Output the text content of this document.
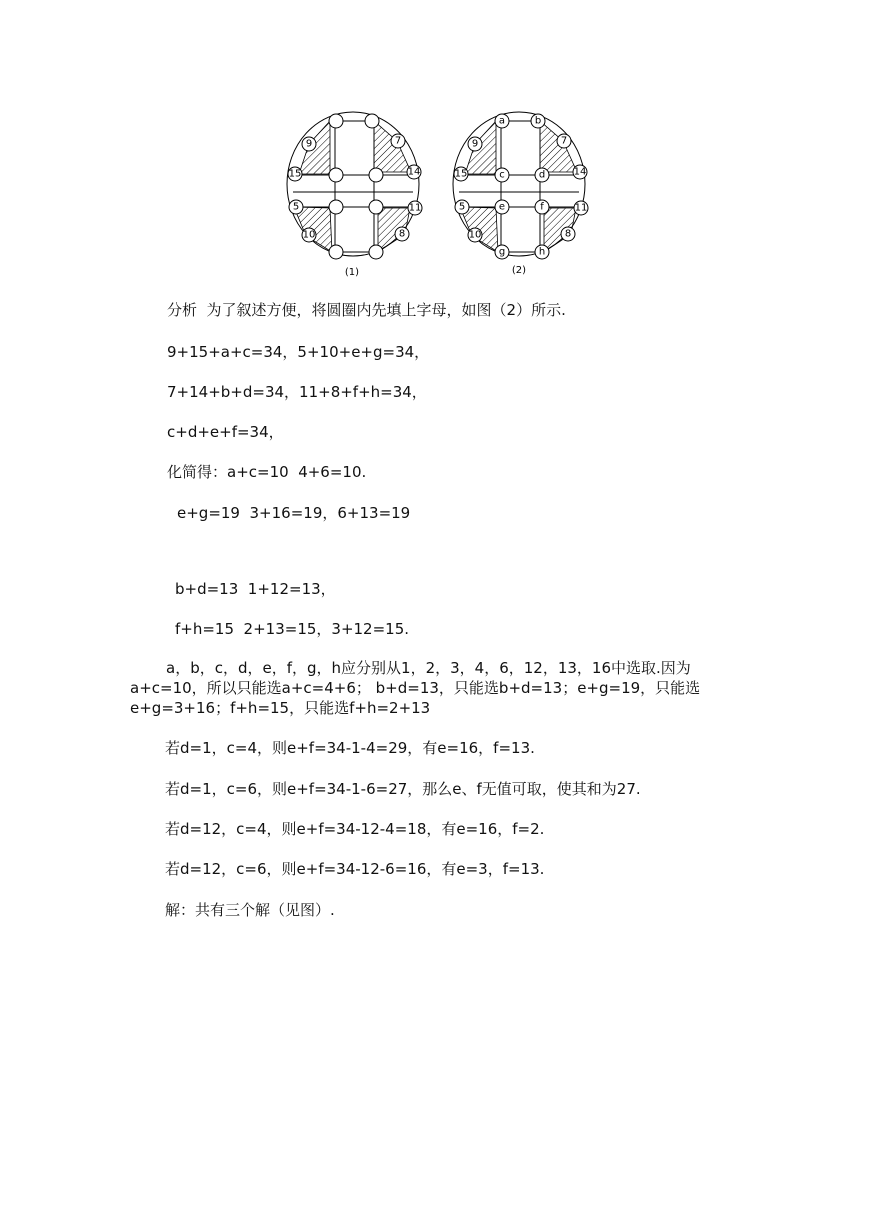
9	7
15	14
5	11
10	8
(1)
a	b
9	7
15	c	d	14
5	e	f	11
10
g	h
8
(2)
分析  为了叙述方便，将圆圈内先填上字母，如图（2）所示.
9+15+a+c=34，5+10+e+g=34，
7+14+b+d=34，11+8+f+h=34，
c+d+e+f=34，
化简得：a+c=10  4+6=10.
e+g=19  3+16=19，6+13=19
b+d=13  1+12=13，
f+h=15  2+13=15，3+12=15.
a，b，c，d，e，f，g，h应分别从1，2，3，4，6，12，13，16中选取.因为a+c=10，所以只能选a+c=4+6； b+d=13，只能选b+d=13；e+g=19，只能选e+g=3+16；f+h=15，只能选f+h=2+13
若d=1，c=4，则e+f=34-1-4=29，有e=16，f=13.
若d=1，c=6，则e+f=34-1-6=27，那么e、f无值可取，使其和为27.
若d=12，c=4，则e+f=34-12-4=18，有e=16，f=2.
若d=12，c=6，则e+f=34-12-6=16，有e=3，f=13.
解：共有三个解（见图）.
